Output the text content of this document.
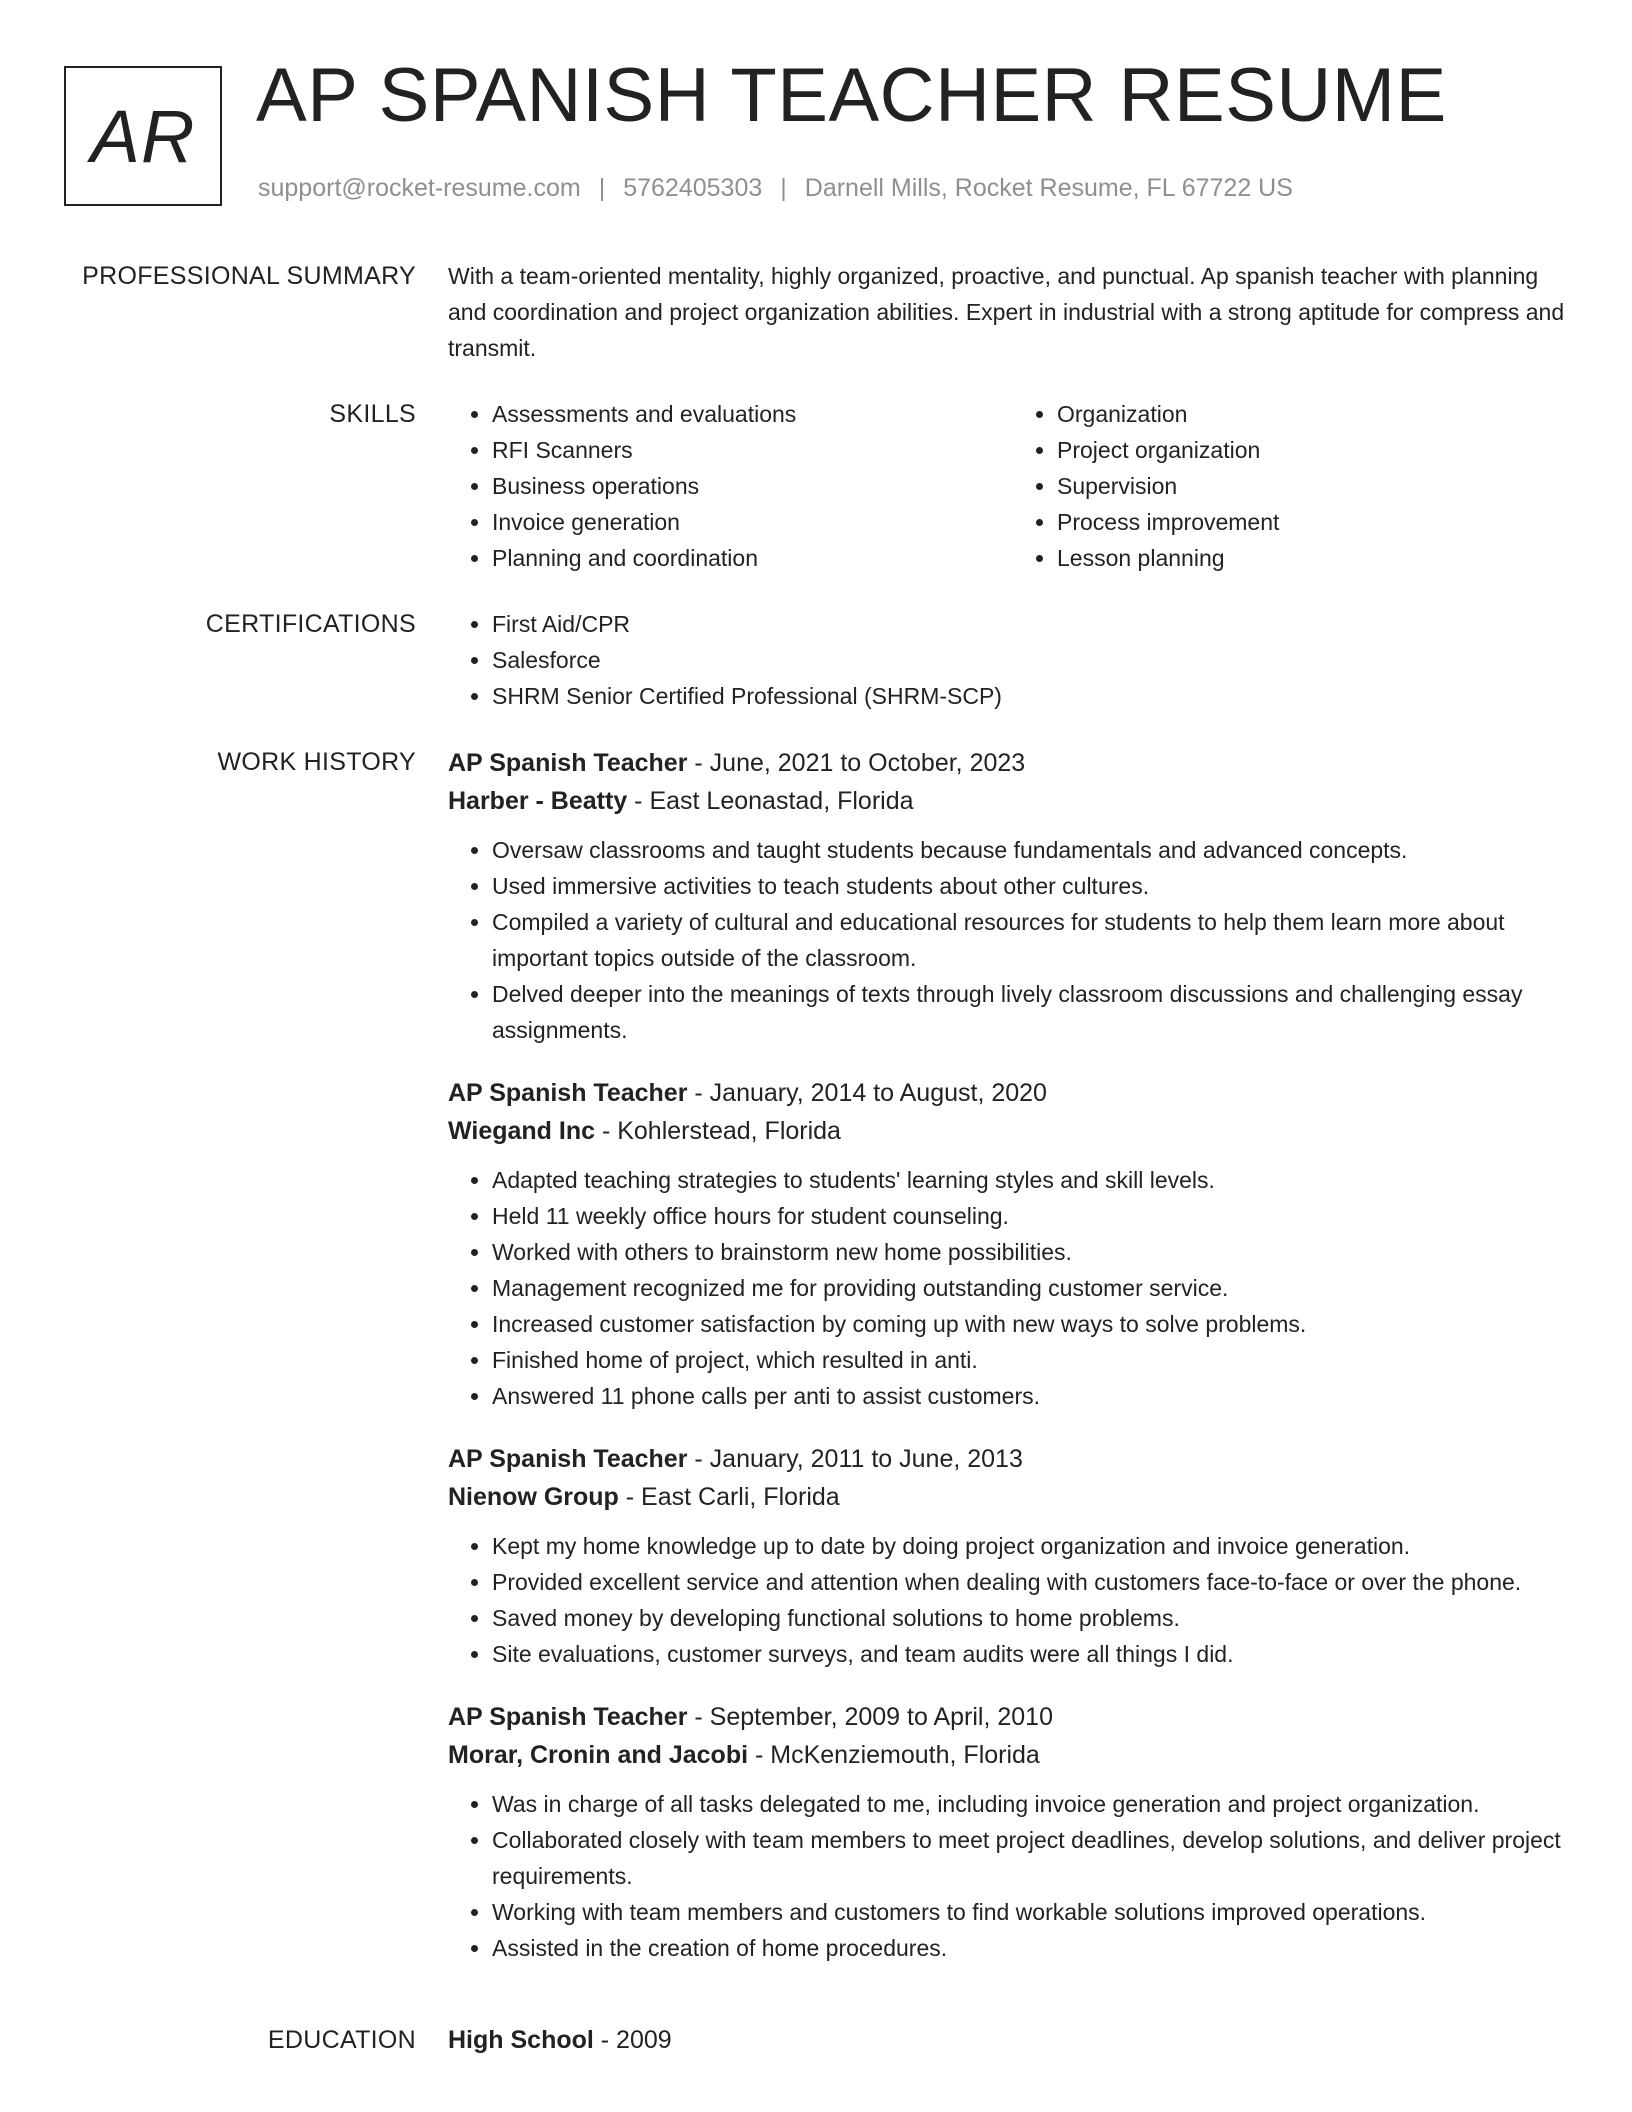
AR AP SPANISH TEACHER RESUME
support@rocket-resume.com | 5762405303 | Darnell Mills, Rocket Resume, FL 67722 US
PROFESSIONAL SUMMARY With a team-oriented mentality, highly organized, proactive, and punctual. Ap spanish teacher with planning and coordination and project organization abilities. Expert in industrial with a strong aptitude for compress and transmit.

SKILLS	• Assessments and evaluations
• RFI Scanners
• Business operations
• Invoice generation
• Planning and coordination
• Organization
• Project organization
• Supervision
• Process improvement
• Lesson planning
CERTIFICATIONS	• First Aid/CPR
• Salesforce
• SHRM Senior Certified Professional (SHRM-SCP)
WORK HISTORY AP Spanish Teacher - June, 2021 to October, 2023
Harber - Beatty - East Leonastad, Florida
• Oversaw classrooms and taught students because fundamentals and advanced concepts.
• Used immersive activities to teach students about other cultures.
• Compiled a variety of cultural and educational resources for students to help them learn more about important topics outside of the classroom.
• Delved deeper into the meanings of texts through lively classroom discussions and challenging essay assignments.
AP Spanish Teacher - January, 2014 to August, 2020
Wiegand Inc - Kohlerstead, Florida
• Adapted teaching strategies to students' learning styles and skill levels.
• Held 11 weekly office hours for student counseling.
• Worked with others to brainstorm new home possibilities.
• Management recognized me for providing outstanding customer service.
• Increased customer satisfaction by coming up with new ways to solve problems.
• Finished home of project, which resulted in anti.
• Answered 11 phone calls per anti to assist customers.
AP Spanish Teacher - January, 2011 to June, 2013
Nienow Group - East Carli, Florida
• Kept my home knowledge up to date by doing project organization and invoice generation.
• Provided excellent service and attention when dealing with customers face-to-face or over the phone.
• Saved money by developing functional solutions to home problems.
• Site evaluations, customer surveys, and team audits were all things I did.
AP Spanish Teacher - September, 2009 to April, 2010
Morar, Cronin and Jacobi - McKenziemouth, Florida
• Was in charge of all tasks delegated to me, including invoice generation and project organization.
• Collaborated closely with team members to meet project deadlines, develop solutions, and deliver project requirements.
• Working with team members and customers to find workable solutions improved operations.
• Assisted in the creation of home procedures.
EDUCATION High School - 2009
